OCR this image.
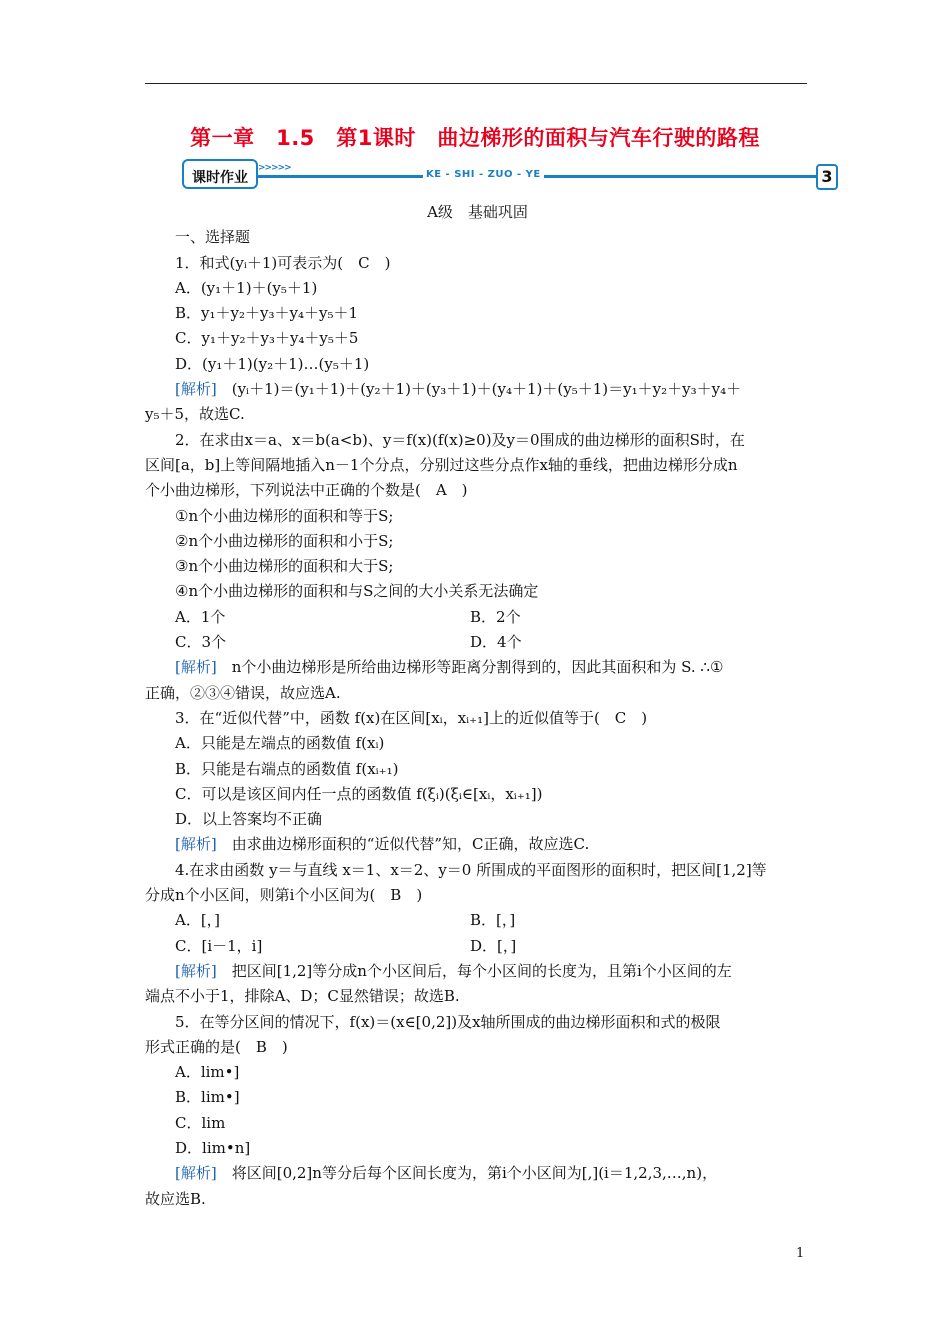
第一章　1.5　第1课时　曲边梯形的面积与汽车行驶的路程
课时作业
>>>>>
KE - SHI - ZUO - YE	3

A级　基础巩固

一、选择题

1．和式(yᵢ＋1)可表示为(　C　)

A．(y₁＋1)＋(y₅＋1)

B．y₁＋y₂＋y₃＋y₄＋y₅＋1

C．y₁＋y₂＋y₃＋y₄＋y₅＋5

D．(y₁＋1)(y₂＋1)…(y₅＋1)

[解析]　(yᵢ＋1)＝(y₁＋1)＋(y₂＋1)＋(y₃＋1)＋(y₄＋1)＋(y₅＋1)＝y₁＋y₂＋y₃＋y₄＋

y₅＋5，故选C.

2．在求由x＝a、x＝b(a<b)、y＝f(x)(f(x)≥0)及y＝0围成的曲边梯形的面积S时，在

区间[a，b]上等间隔地插入n－1个分点，分别过这些分点作x轴的垂线，把曲边梯形分成n

个小曲边梯形，下列说法中正确的个数是(　A　)

①n个小曲边梯形的面积和等于S;

②n个小曲边梯形的面积和小于S;

③n个小曲边梯形的面积和大于S;

④n个小曲边梯形的面积和与S之间的大小关系无法确定

A．1个	B．2个

C．3个	D．4个

[解析]　n个小曲边梯形是所给曲边梯形等距离分割得到的，因此其面积和为 S. ∴①

正确，②③④错误，故应选A.

3．在“近似代替”中，函数 f(x)在区间[xᵢ，xᵢ₊₁]上的近似值等于(　C　)

A．只能是左端点的函数值 f(xᵢ)

B．只能是右端点的函数值 f(xᵢ₊₁)

C．可以是该区间内任一点的函数值 f(ξᵢ)(ξᵢ∈[xᵢ，xᵢ₊₁])

D．以上答案均不正确

[解析]　由求曲边梯形面积的“近似代替”知，C正确，故应选C.

4.在求由函数 y＝与直线 x＝1、x＝2、y＝0 所围成的平面图形的面积时，把区间[1,2]等

分成n个小区间，则第i个小区间为(　B　)

A．[，]	B．[，]

C．[i－1，i]	D．[，]

[解析]　把区间[1,2]等分成n个小区间后，每个小区间的长度为，且第i个小区间的左

端点不小于1，排除A、D；C显然错误；故选B.

5．在等分区间的情况下，f(x)＝(x∈[0,2])及x轴所围成的曲边梯形面积和式的极限

形式正确的是(　B　)

A．lim•]

B．lim•]

C．lim

D．lim•n]

[解析]　将区间[0,2]n等分后每个区间长度为，第i个小区间为[,](i＝1,2,3,…,n)，

故应选B.

1
